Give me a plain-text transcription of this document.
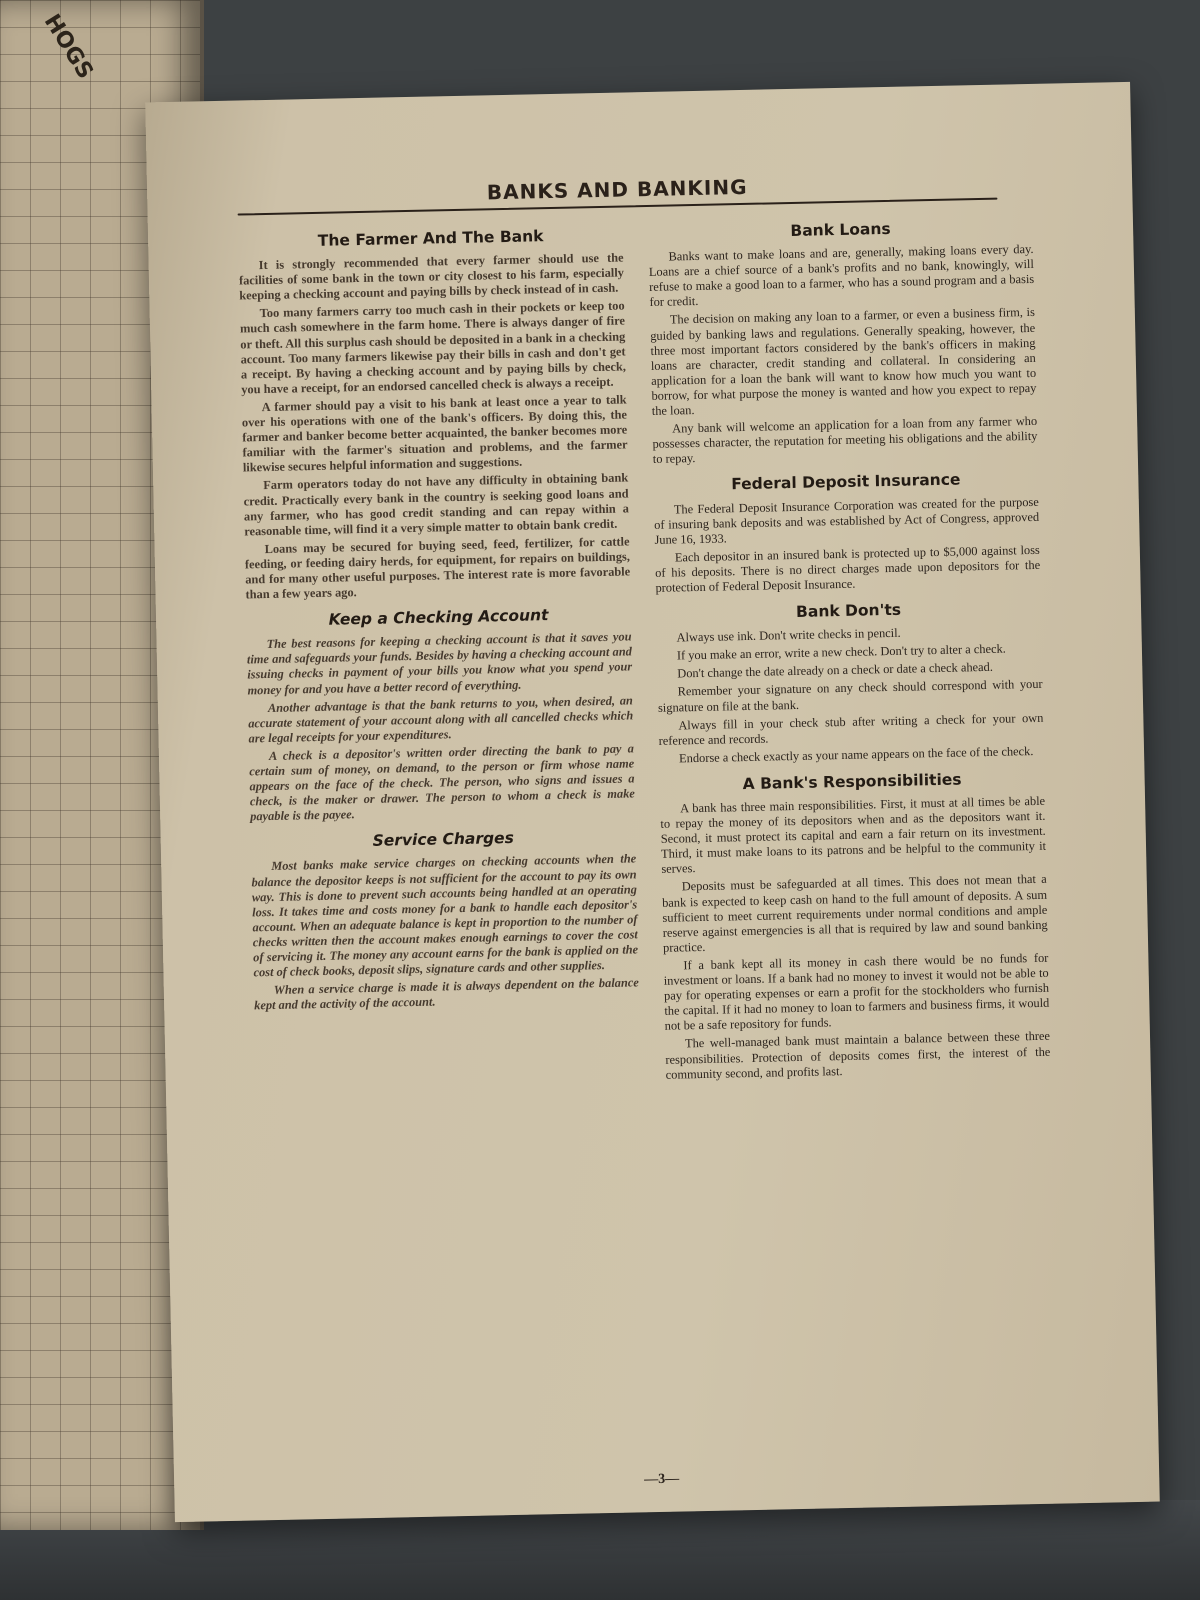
HOGS
BANKS AND BANKING
The Farmer And The Bank

It is strongly recommended that every farmer should use the facilities of some bank in the town or city closest to his farm, especially keeping a checking account and paying bills by check instead of in cash.

Too many farmers carry too much cash in their pockets or keep too much cash somewhere in the farm home. There is always danger of fire or theft. All this surplus cash should be deposited in a bank in a checking account. Too many farmers likewise pay their bills in cash and don't get a receipt. By having a checking account and by paying bills by check, you have a receipt, for an endorsed cancelled check is always a receipt.

A farmer should pay a visit to his bank at least once a year to talk over his operations with one of the bank's officers. By doing this, the farmer and banker become better acquainted, the banker becomes more familiar with the farmer's situation and problems, and the farmer likewise secures helpful information and suggestions.

Farm operators today do not have any difficulty in obtaining bank credit. Practically every bank in the country is seeking good loans and any farmer, who has good credit standing and can repay within a reasonable time, will find it a very simple matter to obtain bank credit.

Loans may be secured for buying seed, feed, fertilizer, for cattle feeding, or feeding dairy herds, for equipment, for repairs on buildings, and for many other useful purposes. The interest rate is more favorable than a few years ago.

Keep a Checking Account

The best reasons for keeping a checking account is that it saves you time and safeguards your funds. Besides by having a checking account and issuing checks in payment of your bills you know what you spend your money for and you have a better record of everything.

Another advantage is that the bank returns to you, when desired, an accurate statement of your account along with all cancelled checks which are legal receipts for your expenditures.

A check is a depositor's written order directing the bank to pay a certain sum of money, on demand, to the person or firm whose name appears on the face of the check. The person, who signs and issues a check, is the maker or drawer. The person to whom a check is make payable is the payee.

Service Charges

Most banks make service charges on checking accounts when the balance the depositor keeps is not sufficient for the account to pay its own way. This is done to prevent such accounts being handled at an operating loss. It takes time and costs money for a bank to handle each depositor's account. When an adequate balance is kept in proportion to the number of checks written then the account makes enough earnings to cover the cost of servicing it. The money any account earns for the bank is applied on the cost of check books, deposit slips, signature cards and other supplies.

When a service charge is made it is always dependent on the balance kept and the activity of the account.

Bank Loans

Banks want to make loans and are, generally, making loans every day. Loans are a chief source of a bank's profits and no bank, knowingly, will refuse to make a good loan to a farmer, who has a sound program and a basis for credit.

The decision on making any loan to a farmer, or even a business firm, is guided by banking laws and regulations. Generally speaking, however, the three most important factors considered by the bank's officers in making loans are character, credit standing and collateral. In considering an application for a loan the bank will want to know how much you want to borrow, for what purpose the money is wanted and how you expect to repay the loan.

Any bank will welcome an application for a loan from any farmer who possesses character, the reputation for meeting his obligations and the ability to repay.

Federal Deposit Insurance

The Federal Deposit Insurance Corporation was created for the purpose of insuring bank deposits and was established by Act of Congress, approved June 16, 1933.

Each depositor in an insured bank is protected up to $5,000 against loss of his deposits. There is no direct charges made upon depositors for the protection of Federal Deposit Insurance.

Bank Don'ts

Always use ink. Don't write checks in pencil.

If you make an error, write a new check. Don't try to alter a check.

Don't change the date already on a check or date a check ahead.

Remember your signature on any check should correspond with your signature on file at the bank.

Always fill in your check stub after writing a check for your own reference and records.

Endorse a check exactly as your name appears on the face of the check.

A Bank's Responsibilities

A bank has three main responsibilities. First, it must at all times be able to repay the money of its depositors when and as the depositors want it. Second, it must protect its capital and earn a fair return on its investment. Third, it must make loans to its patrons and be helpful to the community it serves.

Deposits must be safeguarded at all times. This does not mean that a bank is expected to keep cash on hand to the full amount of deposits. A sum sufficient to meet current requirements under normal conditions and ample reserve against emergencies is all that is required by law and sound banking practice.

If a bank kept all its money in cash there would be no funds for investment or loans. If a bank had no money to invest it would not be able to pay for operating expenses or earn a profit for the stockholders who furnish the capital. If it had no money to loan to farmers and business firms, it would not be a safe repository for funds.

The well-managed bank must maintain a balance between these three responsibilities. Protection of deposits comes first, the interest of the community second, and profits last.

—3—
